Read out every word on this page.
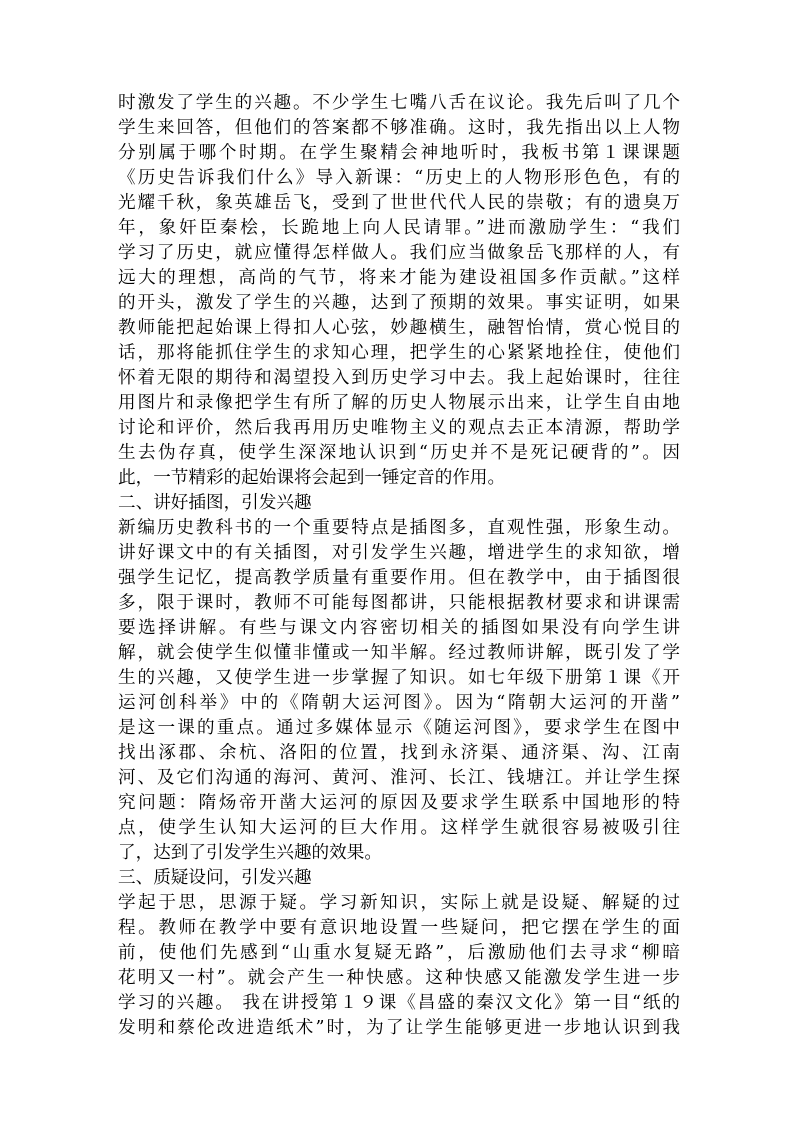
时激发了学生的兴趣。不少学生七嘴八舌在议论。我先后叫了几个
学生来回答，但他们的答案都不够准确。这时，我先指出以上人物
分别属于哪个时期。在学生聚精会神地听时，我板书第１课课题
《历史告诉我们什么》导入新课：“历史上的人物形形色色，有的
光耀千秋，象英雄岳飞，受到了世世代代人民的崇敬；有的遗臭万
年，象奸臣秦桧，长跪地上向人民请罪。”进而激励学生：“我们
学习了历史，就应懂得怎样做人。我们应当做象岳飞那样的人，有
远大的理想，高尚的气节，将来才能为建设祖国多作贡献。”这样
的开头，激发了学生的兴趣，达到了预期的效果。事实证明，如果
教师能把起始课上得扣人心弦，妙趣横生，融智怡情，赏心悦目的
话，那将能抓住学生的求知心理，把学生的心紧紧地拴住，使他们
怀着无限的期待和渴望投入到历史学习中去。我上起始课时，往往
用图片和录像把学生有所了解的历史人物展示出来，让学生自由地
讨论和评价，然后我再用历史唯物主义的观点去正本清源，帮助学
生去伪存真，使学生深深地认识到“历史并不是死记硬背的”。因
此，一节精彩的起始课将会起到一锤定音的作用。
二、讲好插图，引发兴趣
新编历史教科书的一个重要特点是插图多，直观性强，形象生动。
讲好课文中的有关插图，对引发学生兴趣，增进学生的求知欲，增
强学生记忆，提高教学质量有重要作用。但在教学中，由于插图很
多，限于课时，教师不可能每图都讲，只能根据教材要求和讲课需
要选择讲解。有些与课文内容密切相关的插图如果没有向学生讲
解，就会使学生似懂非懂或一知半解。经过教师讲解，既引发了学
生的兴趣，又使学生进一步掌握了知识。如七年级下册第１课《开
运河创科举》中的《隋朝大运河图》。因为“隋朝大运河的开凿”
是这一课的重点。通过多媒体显示《随运河图》，要求学生在图中
找出涿郡、余杭、洛阳的位置，找到永济渠、通济渠、沟、江南
河、及它们沟通的海河、黄河、淮河、长江、钱塘江。并让学生探
究问题：隋炀帝开凿大运河的原因及要求学生联系中国地形的特
点，使学生认知大运河的巨大作用。这样学生就很容易被吸引往
了，达到了引发学生兴趣的效果。
三、质疑设问，引发兴趣
学起于思，思源于疑。学习新知识，实际上就是设疑、解疑的过
程。教师在教学中要有意识地设置一些疑问，把它摆在学生的面
前，使他们先感到“山重水复疑无路”，后激励他们去寻求“柳暗
花明又一村”。就会产生一种快感。这种快感又能激发学生进一步
学习的兴趣。 我在讲授第１９课《昌盛的秦汉文化》第一目“纸的
发明和蔡伦改进造纸术”时，为了让学生能够更进一步地认识到我
